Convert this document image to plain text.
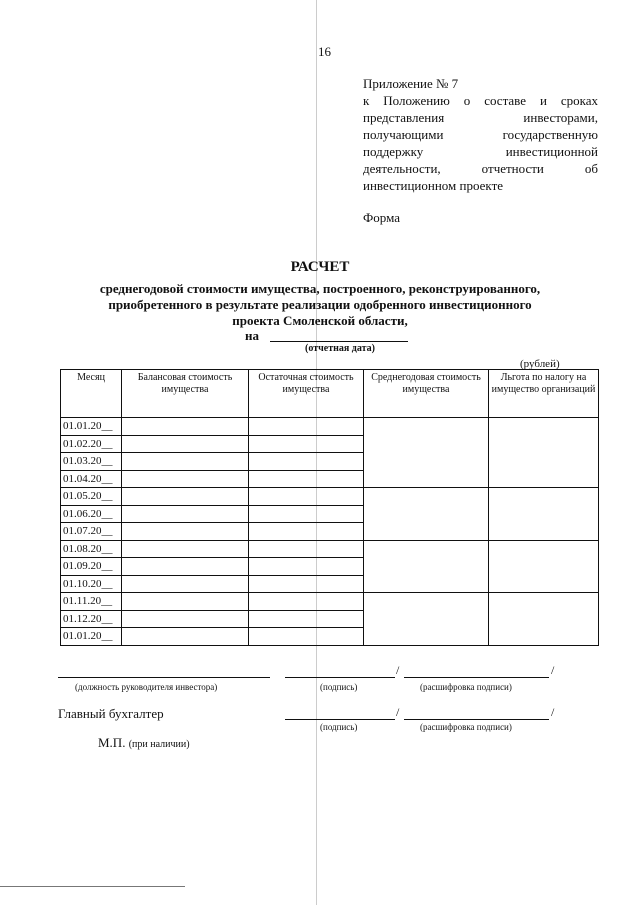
16
Приложение № 7
к Положению о составе и сроках
представления инвесторами,
получающими государственную
поддержку инвестиционной
деятельности, отчетности об
инвестиционном проекте
Форма
РАСЧЕТ
среднегодовой стоимости имущества, построенного, реконструированного,
приобретенного в результате реализации одобренного инвестиционного
проекта Смоленской области,
на
(отчетная дата)
(рублей)
Месяц	Балансовая стоимость имущества	Остаточная стоимость имущества	Среднегодовая стоимость имущества	Льгота по налогу на имущество организаций
01.01.20__				
01.02.20__				
01.03.20__				
01.04.20__				
01.05.20__				
01.06.20__				
01.07.20__				
01.08.20__				
01.09.20__				
01.10.20__				
01.11.20__				
01.12.20__				
01.01.20__				
/	/
(должность руководителя инвестора)	(подпись)	(расшифровка подписи)
Главный бухгалтер	/	/
(подпись)	(расшифровка подписи)
М.П. (при наличии)
